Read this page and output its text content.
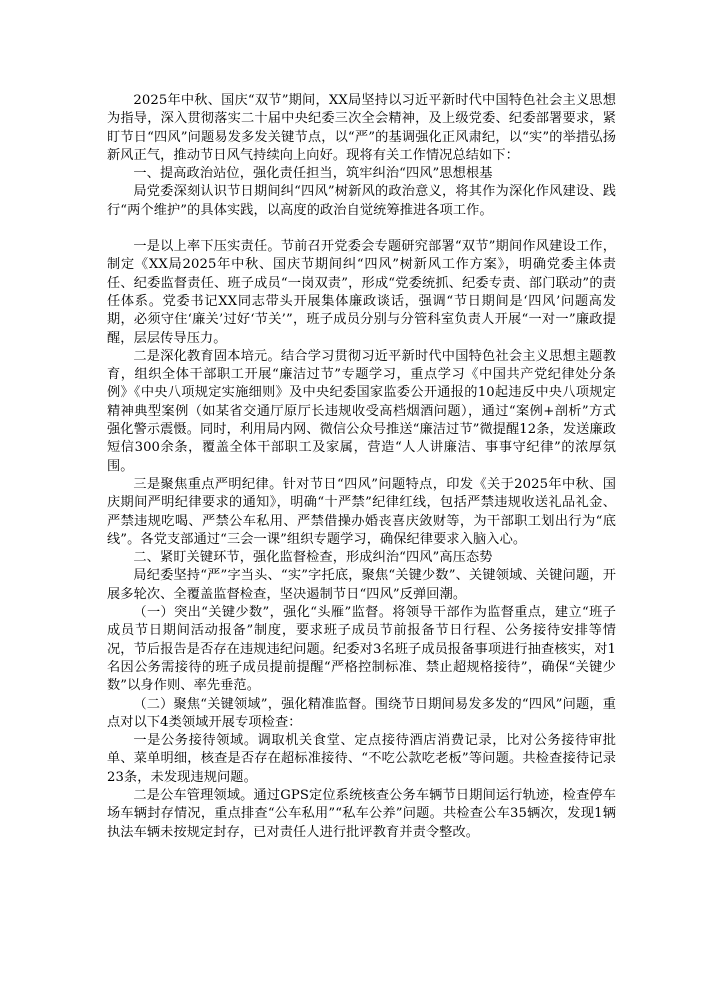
2025年中秋、国庆“双节”期间，XX局坚持以习近平新时代中国特色社会主义思想为指导，深入贯彻落实二十届中央纪委三次全会精神，及上级党委、纪委部署要求，紧盯节日“四风”问题易发多发关键节点，以“严”的基调强化正风肃纪，以“实”的举措弘扬新风正气，推动节日风气持续向上向好。现将有关工作情况总结如下：

一、提高政治站位，强化责任担当，筑牢纠治“四风”思想根基

局党委深刻认识节日期间纠“四风”树新风的政治意义，将其作为深化作风建设、践行“两个维护”的具体实践，以高度的政治自觉统筹推进各项工作。

一是以上率下压实责任。节前召开党委会专题研究部署“双节”期间作风建设工作，制定《XX局2025年中秋、国庆节期间纠“四风”树新风工作方案》，明确党委主体责任、纪委监督责任、班子成员“一岗双责”，形成“党委统抓、纪委专责、部门联动”的责任体系。党委书记XX同志带头开展集体廉政谈话，强调“节日期间是‘四风’问题高发期，必须守住‘廉关’过好‘节关’”，班子成员分别与分管科室负责人开展“一对一”廉政提醒，层层传导压力。

二是深化教育固本培元。结合学习贯彻习近平新时代中国特色社会主义思想主题教育，组织全体干部职工开展“廉洁过节”专题学习，重点学习《中国共产党纪律处分条例》《中央八项规定实施细则》及中央纪委国家监委公开通报的10起违反中央八项规定精神典型案例（如某省交通厅原厅长违规收受高档烟酒问题），通过“案例+剖析”方式强化警示震慑。同时，利用局内网、微信公众号推送“廉洁过节”微提醒12条，发送廉政短信300余条，覆盖全体干部职工及家属，营造“人人讲廉洁、事事守纪律”的浓厚氛围。

三是聚焦重点严明纪律。针对节日“四风”问题特点，印发《关于2025年中秋、国庆期间严明纪律要求的通知》，明确“十严禁”纪律红线，包括严禁违规收送礼品礼金、严禁违规吃喝、严禁公车私用、严禁借操办婚丧喜庆敛财等，为干部职工划出行为“底线”。各党支部通过“三会一课”组织专题学习，确保纪律要求入脑入心。

二、紧盯关键环节，强化监督检查，形成纠治“四风”高压态势

局纪委坚持“严”字当头、“实”字托底，聚焦“关键少数”、关键领域、关键问题，开展多轮次、全覆盖监督检查，坚决遏制节日“四风”反弹回潮。

（一）突出“关键少数”，强化“头雁”监督。将领导干部作为监督重点，建立“班子成员节日期间活动报备”制度，要求班子成员节前报备节日行程、公务接待安排等情况，节后报告是否存在违规违纪问题。纪委对3名班子成员报备事项进行抽查核实，对1名因公务需接待的班子成员提前提醒“严格控制标准、禁止超规格接待”，确保“关键少数”以身作则、率先垂范。

（二）聚焦“关键领域”，强化精准监督。围绕节日期间易发多发的“四风”问题，重点对以下4类领域开展专项检查：

一是公务接待领域。调取机关食堂、定点接待酒店消费记录，比对公务接待审批单、菜单明细，核查是否存在超标准接待、“不吃公款吃老板”等问题。共检查接待记录23条，未发现违规问题。

二是公车管理领域。通过GPS定位系统核查公务车辆节日期间运行轨迹，检查停车场车辆封存情况，重点排查“公车私用”“私车公养”问题。共检查公车35辆次，发现1辆执法车辆未按规定封存，已对责任人进行批评教育并责令整改。
